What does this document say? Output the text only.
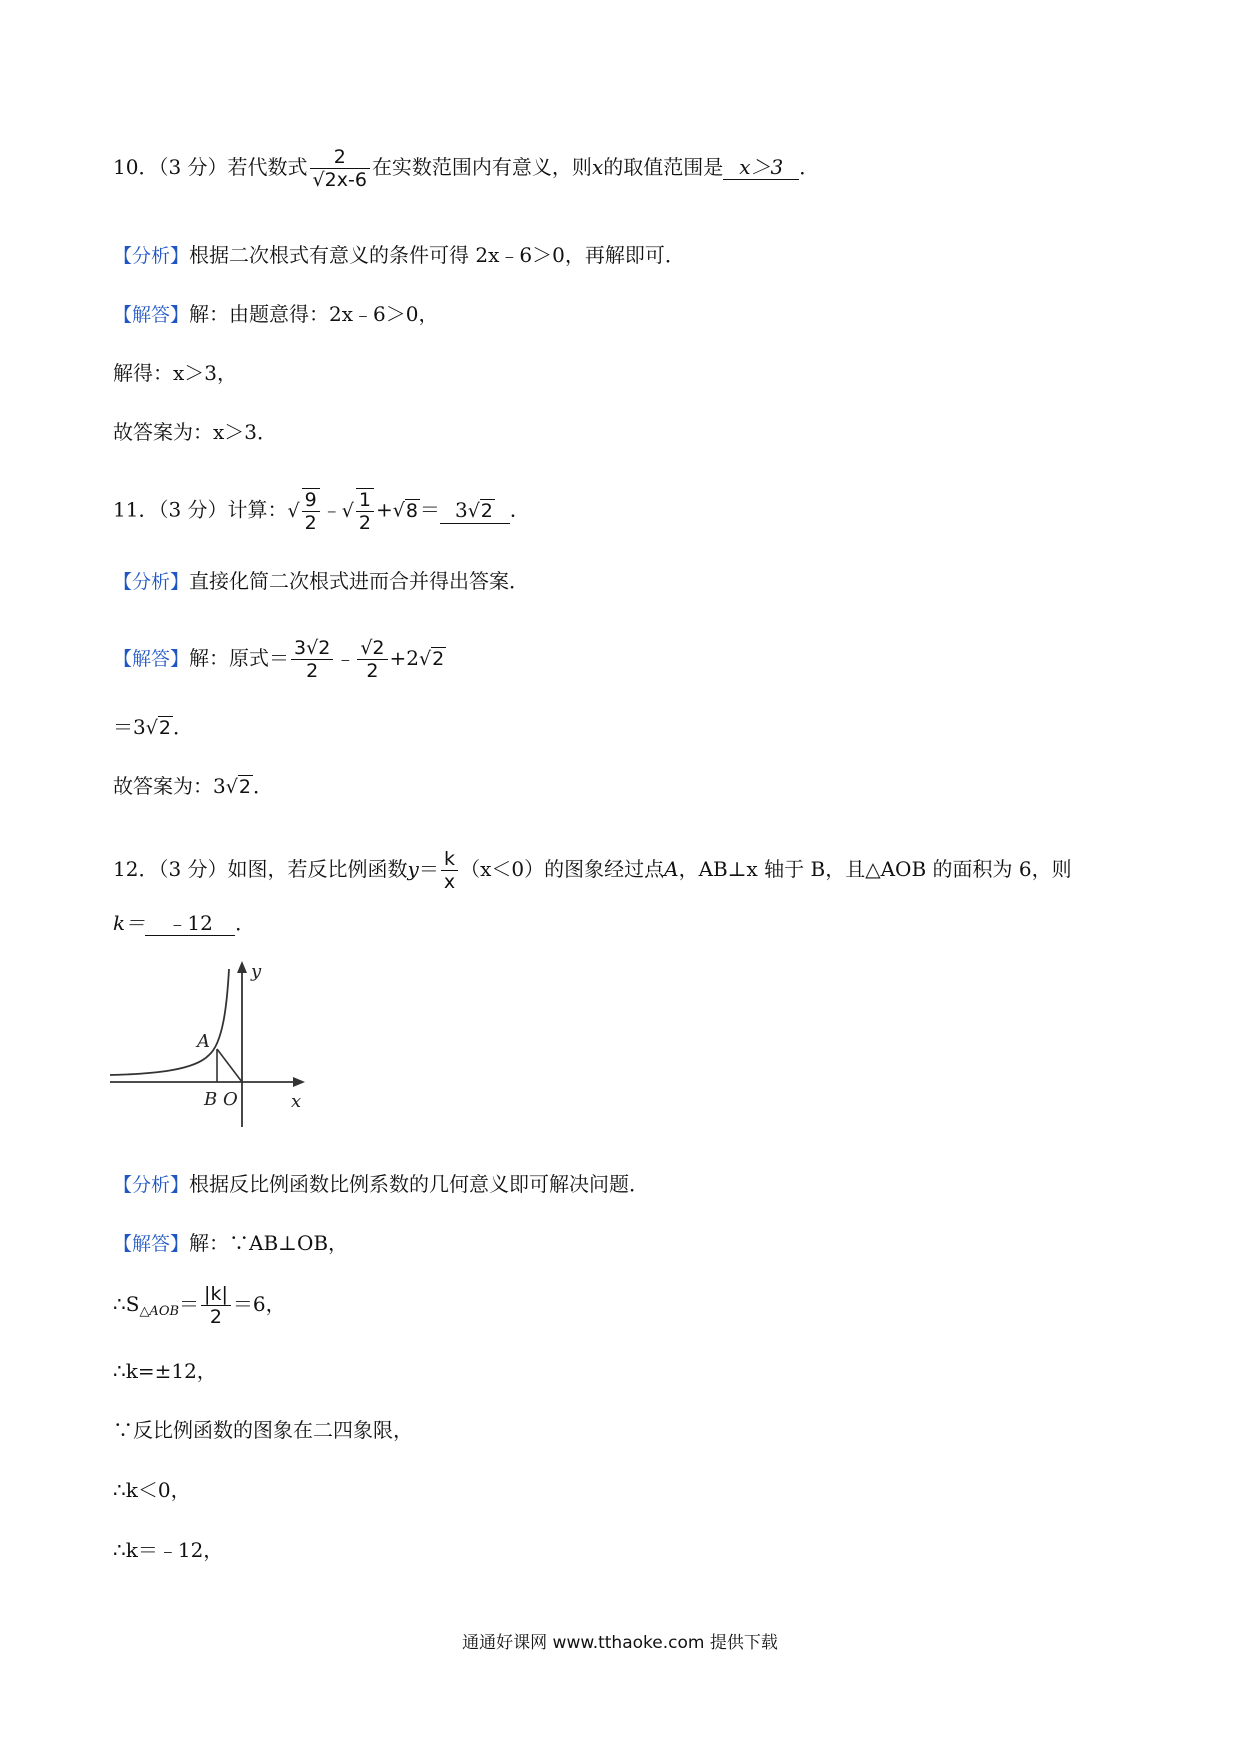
10．（3 分）若代数式 $\frac{2}{√2x-6}$ 在实数范围内有意义，则x的取值范围是 x＞3 ．
【分析】根据二次根式有意义的条件可得 2x﹣6＞0，再解即可．
【解答】解：由题意得：2x﹣6＞0，
解得：x＞3，
故答案为：x＞3．
11．（3 分）计算：√ $\frac{9}{2}$ ﹣√ $\frac{1}{2} +√8 = 3√2$ ．
【分析】直接化简二次根式进而合并得出答案．
【解答】解：原式＝ $\frac{3√2}{2}$ ﹣ $\frac{√2}{2} +2√2$
＝3√2 ．
故答案为：3√2 ．
12．（3 分）如图，若反比例函数$y= \frac{k}{x} (x<0)$的图象经过点A，AB⊥x 轴于 B，且△AOB 的面积为 6，则
k＝ ﹣12 ．
y
x
A
B O
【分析】根据反比例函数比例系数的几何意义即可解决问题．
【解答】解：∵AB⊥OB，
$\therefore S_{\triangle AOB}= \frac{|k|}{2} =6$，
∴k=±12，
∵反比例函数的图象在二四象限，
∴k＜0，
∴k＝﹣12，
通通好课网 www.tthaoke.com 提供下载
